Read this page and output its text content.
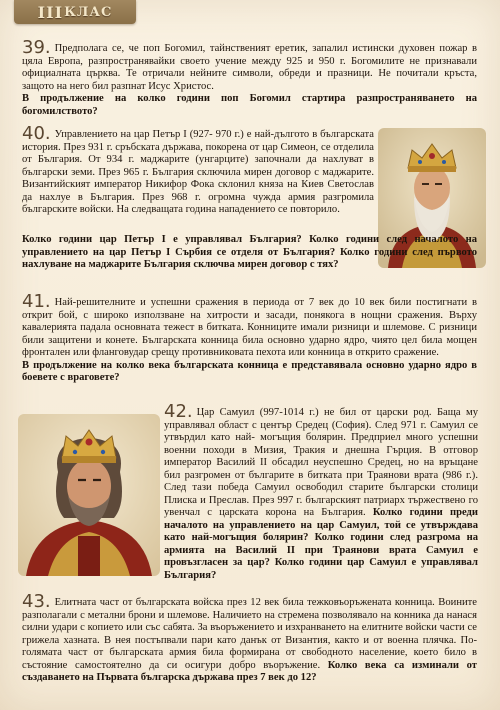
III КЛАС

39. Предполага се, че поп Богомил, тайнственият еретик, запалил истински духовен пожар в цяла Европа, разпространявайки своето учение между 925 и 950 г. Богомилите не признавали официалната църква. Те отричали нейните символи, обреди и празници. Не почитали кръста, защото на него бил разпнат Исус Христос.

В продължение на колко години поп Богомил стартира разпространяването на богомилството?

40. Управлението на цар Петър I (927- 970 г.) е най-дългото в българската история. През 931 г. сръбската държава, покорена от цар Симеон, се отделила от България. От 934 г. маджарите (унгарците) започнали да нахлуват в български земи. През 965 г. България сключила мирен договор с маджарите. Византийският император Никифор Фока склонил княза на Киев Светослав да нахлуе в България. През 968 г. огромна чужда армия разгромила българските войски. На следващата година нападението се повторило.

Колко години цар Петър I е управлявал България? Колко години след началото на управлението на цар Петър I Сърбия се отделя от България? Колко години след първото нахлуване на маджарите България сключва мирен договор с тях?

41. Най-решителните и успешни сражения в периода от 7 век до 10 век били постигнати в открит бой, с широко използване на хитрости и засади, понякога в нощни сражения. Върху кавалерията падала основната тежест в битката. Конниците имали ризници и шлемове. С ризници били защитени и конете. Българската конница била основно ударно ядро, чиято цел била мощен фронтален или фланговудар срещу противниковата пехота или конница в открито сражение.

В продължение на колко века българската конница е представявала основно ударно ядро в боевете с враговете?

42. Цар Самуил (997-1014 г.) не бил от царски род. Баща му управлявал област с център Средец (София). След 971 г. Самуил се утвърдил като най- могъщия болярин. Предприел много успешни военни походи в Мизия, Тракия и днешна Гърция. В отговор император Василий II обсадил неуспешно Средец, но на връщане бил разгромен от българите в битката при Траянови врата (986 г.). След тази победа Самуил освободил старите български столици Плиска и Преслав. През 997 г. българският патриарх тържествено го увенчал с царската корона на България. Колко години преди началото на управлението на цар Самуил, той се утвърждава като най-могъщия болярин? Колко години след разгрома на армията на Василий II при Траянови врата Самуил е провъзгласен за цар? Колко години цар Самуил е управлявал България?

43. Елитната част от българската войска през 12 век била тежковъоръжената конница. Воините разполагали с метални брони и шлемове. Наличието на стремена позволявало на конника да нанася силни удари с копието или със сабята. За въоръжението и изхранването на елитните войски части се грижела хазната. В нея постъпвали пари като данък от Византия, както и от военна плячка. По-голямата част от българската армия била формирана от свободното население, което било в състояние самостоятелно да си осигури добро въоръжение. Колко века са изминали от създаването на Първата българска държава през 7 век до 12?
